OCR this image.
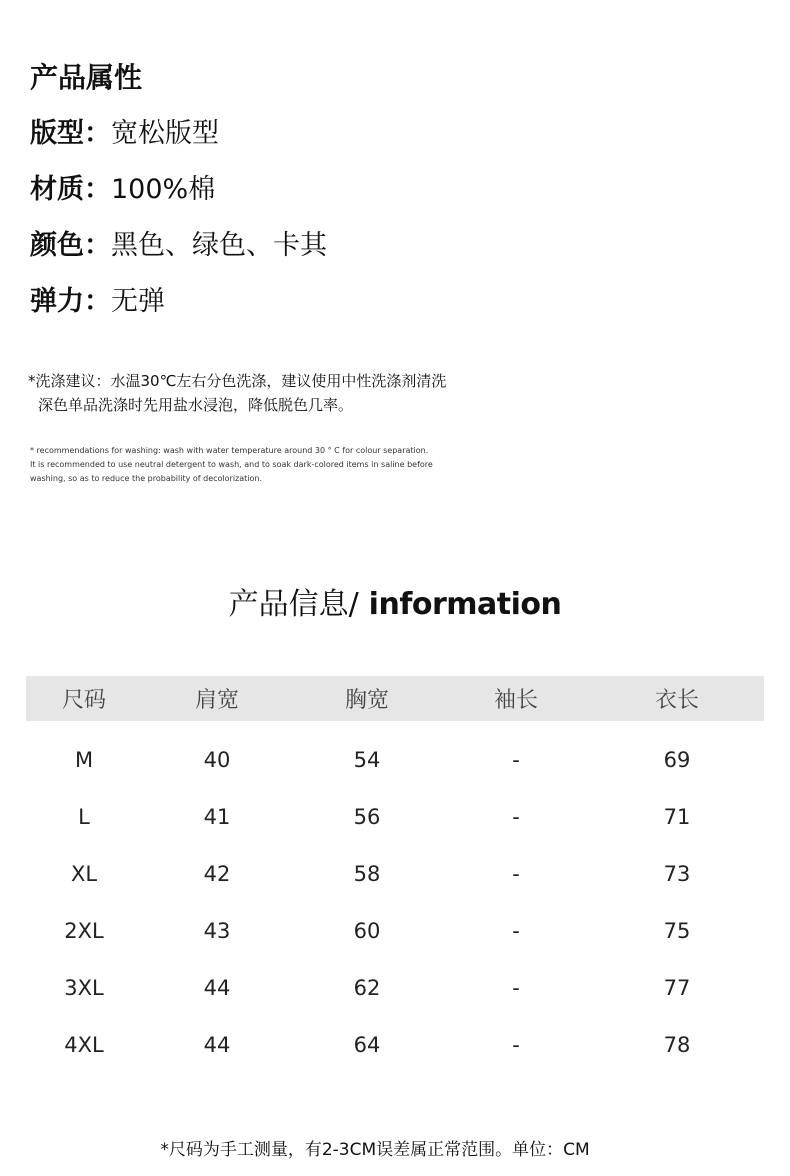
产品属性
版型：宽松版型
材质：100%棉
颜色：黑色、绿色、卡其
弹力：无弹
*洗涤建议：水温30℃左右分色洗涤，建议使用中性洗涤剂清洗
深色单品洗涤时先用盐水浸泡，降低脱色几率。
* recommendations for washing: wash with water temperature around 30 ° C for colour separation.
It is recommended to use neutral detergent to wash, and to soak dark-colored items in saline before
washing, so as to reduce the probability of decolorization.
产品信息/ information
尺码	肩宽	胸宽	袖长	衣长
M	40	54	-	69
L	41	56	-	71
XL	42	58	-	73
2XL	43	60	-	75
3XL	44	62	-	77
4XL	44	64	-	78
*尺码为手工测量，有2-3CM误差属正常范围。单位：CM
